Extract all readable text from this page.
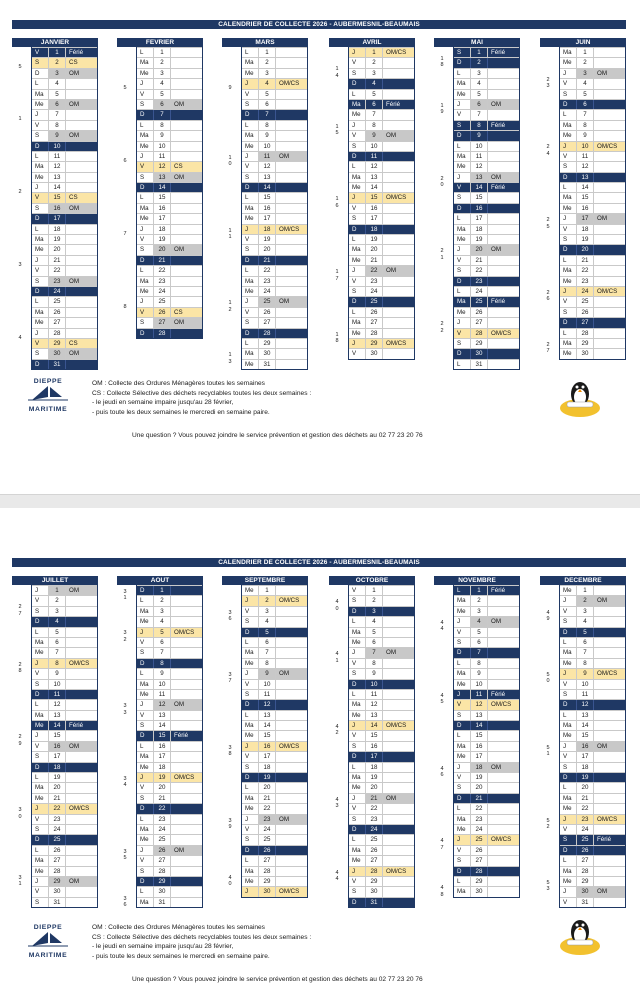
CALENDRIER DE COLLECTE 2026 - AUBERMESNIL-BEAUMAIS
JANVIER
V	1	Férié
S	2	CS
D	3	OM
L	4
Ma	5
Me	6	OM
J	7
V	8
S	9	OM
D	10
L	11
Ma	12
Me	13
J	14
V	15	CS
S	16	OM
D	17
L	18
Ma	19
Me	20
J	21
V	22
S	23	OM
D	24
L	25
Ma	26
Me	27
J	28
V	29	CS
S	30	OM
D	31
5
1
2
3
4
FEVRIER
L	1
Ma	2
Me	3
J	4
V	5
S	6	OM
D	7
L	8
Ma	9
Me	10
J	11
V	12	CS
S	13	OM
D	14
L	15
Ma	16
Me	17
J	18
V	19
S	20	OM
D	21
L	22
Ma	23
Me	24
J	25
V	26	CS
S	27	OM
D	28
5
6
7
8
MARS
L	1
Ma	2
Me	3
J	4	OM/CS
V	5
S	6
D	7
L	8
Ma	9
Me	10
J	11	OM
V	12
S	13
D	14
L	15
Ma	16
Me	17
J	18	OM/CS
V	19
S	20
D	21
L	22
Ma	23
Me	24
J	25	OM
V	26
S	27
D	28
L	29
Ma	30
Me	31
9
1
0
1
1
1
2
1
3
AVRIL
J	1	OM/CS
V	2
S	3
D	4
L	5
Ma	6	Férié
Me	7
J	8
V	9	OM
S	10
D	11
L	12
Ma	13
Me	14
J	15	OM/CS
V	16
S	17
D	18
L	19
Ma	20
Me	21
J	22	OM
V	23
S	24
D	25
L	26
Ma	27
Me	28
J	29	OM/CS
V	30
1
4
1
5
1
6
1
7
1
8
MAI
S	1	Férié
D	2
L	3
Ma	4
Me	5
J	6	OM
V	7
S	8	Férié
D	9
L	10
Ma	11
Me	12
J	13	OM
V	14	Férié
S	15
D	16
L	17
Ma	18
Me	19
J	20	OM
V	21
S	22
D	23
L	24
Ma	25	Férié
Me	26
J	27
V	28	OM/CS
S	29
D	30
L	31
1
8
1
9
2
0
2
1
2
2
JUIN
Ma	1
Me	2
J	3	OM
V	4
S	5
D	6
L	7
Ma	8
Me	9
J	10	OM/CS
V	11
S	12
D	13
L	14
Ma	15
Me	16
J	17	OM
V	18
S	19
D	20
L	21
Ma	22
Me	23
J	24	OM/CS
V	25
S	26
D	27
L	28
Ma	29
Me	30
2
3
2
4
2
5
2
6
2
7
DIEPPE
MARITIME
OM : Collecte des Ordures Ménagères toutes les semaines
CS : Collecte Sélective des déchets recyclables toutes les deux semaines :
- le jeudi en semaine impaire jusqu'au 28 février,
- puis toute les deux semaines le mercredi en semaine paire.
Une question ? Vous pouvez joindre le service prévention et gestion des déchets au 02 77 23 20 76
CALENDRIER DE COLLECTE 2026 - AUBERMESNIL-BEAUMAIS
JUILLET
J	1	OM
V	2
S	3
D	4
L	5
Ma	6
Me	7
J	8	OM/CS
V	9
S	10
D	11
L	12
Ma	13
Me	14	Férié
J	15
V	16	OM
S	17
D	18
L	19
Ma	20
Me	21
J	22	OM/CS
V	23
S	24
D	25
L	26
Ma	27
Me	28
J	29	OM
V	30
S	31
2
7
2
8
2
9
3
0
3
1
AOUT
D	1
L	2
Ma	3
Me	4
J	5	OM/CS
V	6
S	7
D	8
L	9
Ma	10
Me	11
J	12	OM
V	13
S	14
D	15	Férié
L	16
Ma	17
Me	18
J	19	OM/CS
V	20
S	21
D	22
L	23
Ma	24
Me	25
J	26	OM
V	27
S	28
D	29
L	30
Ma	31
3
1
3
2
3
3
3
4
3
5
3
6
SEPTEMBRE
Me	1
J	2	OM/CS
V	3
S	4
D	5
L	6
Ma	7
Me	8
J	9	OM
V	10
S	11
D	12
L	13
Ma	14
Me	15
J	16	OM/CS
V	17
S	18
D	19
L	20
Ma	21
Me	22
J	23	OM
V	24
S	25
D	26
L	27
Ma	28
Me	29
J	30	OM/CS
3
6
3
7
3
8
3
9
4
0
OCTOBRE
V	1
S	2
D	3
L	4
Ma	5
Me	6
J	7	OM
V	8
S	9
D	10
L	11
Ma	12
Me	13
J	14	OM/CS
V	15
S	16
D	17
L	18
Ma	19
Me	20
J	21	OM
V	22
S	23
D	24
L	25
Ma	26
Me	27
J	28	OM/CS
V	29
S	30
D	31
4
0
4
1
4
2
4
3
4
4
NOVEMBRE
L	1	Férié
Ma	2
Me	3
J	4	OM
V	5
S	6
D	7
L	8
Ma	9
Me	10
J	11	Férié
V	12	OM/CS
S	13
D	14
L	15
Ma	16
Me	17
J	18	OM
V	19
S	20
D	21
L	22
Ma	23
Me	24
J	25	OM/CS
V	26
S	27
D	28
L	29
Ma	30
4
4
4
5
4
6
4
7
4
8
DECEMBRE
Me	1
J	2	OM
V	3
S	4
D	5
L	6
Ma	7
Me	8
J	9	OM/CS
V	10
S	11
D	12
L	13
Ma	14
Me	15
J	16	OM
V	17
S	18
D	19
L	20
Ma	21
Me	22
J	23	OM/CS
V	24
S	25	Férié
D	26
L	27
Ma	28
Me	29
J	30	OM
V	31
4
9
5
0
5
1
5
2
5
3
DIEPPE
MARITIME
OM : Collecte des Ordures Ménagères toutes les semaines
CS : Collecte Sélective des déchets recyclables toutes les deux semaines :
- le jeudi en semaine impaire jusqu'au 28 février,
- puis toute les deux semaines le mercredi en semaine paire.
Une question ? Vous pouvez joindre le service prévention et gestion des déchets au 02 77 23 20 76
